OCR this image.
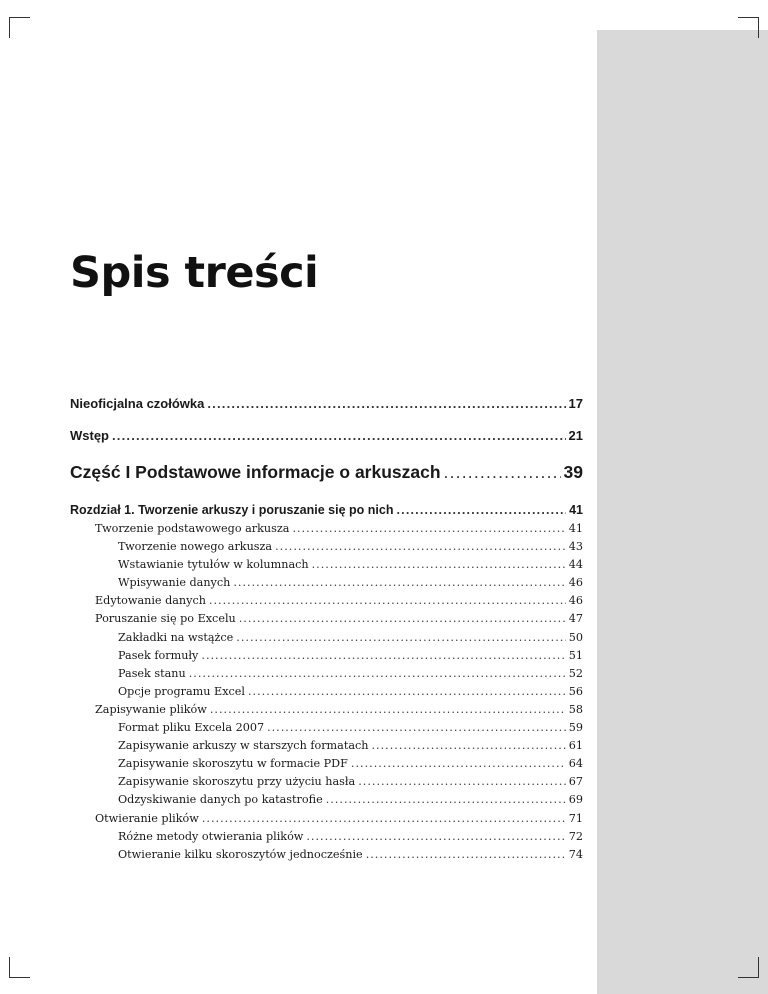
Spis treści
Nieoficjalna czołówka .....	17
Wstęp .....	21
Część I Podstawowe informacje o arkuszach .....	39
Rozdział 1. Tworzenie arkuszy i poruszanie się po nich .....	41
Tworzenie podstawowego arkusza .....	41
Tworzenie nowego arkusza .....	43
Wstawianie tytułów w kolumnach .....	44
Wpisywanie danych .....	46
Edytowanie danych .....	46
Poruszanie się po Excelu .....	47
Zakładki na wstążce .....	50
Pasek formuły .....	51
Pasek stanu .....	52
Opcje programu Excel .....	56
Zapisywanie plików .....	58
Format pliku Excela 2007 .....	59
Zapisywanie arkuszy w starszych formatach .....	61
Zapisywanie skoroszytu w formacie PDF .....	64
Zapisywanie skoroszytu przy użyciu hasła .....	67
Odzyskiwanie danych po katastrofie .....	69
Otwieranie plików .....	71
Różne metody otwierania plików .....	72
Otwieranie kilku skoroszytów jednocześnie .....	74
